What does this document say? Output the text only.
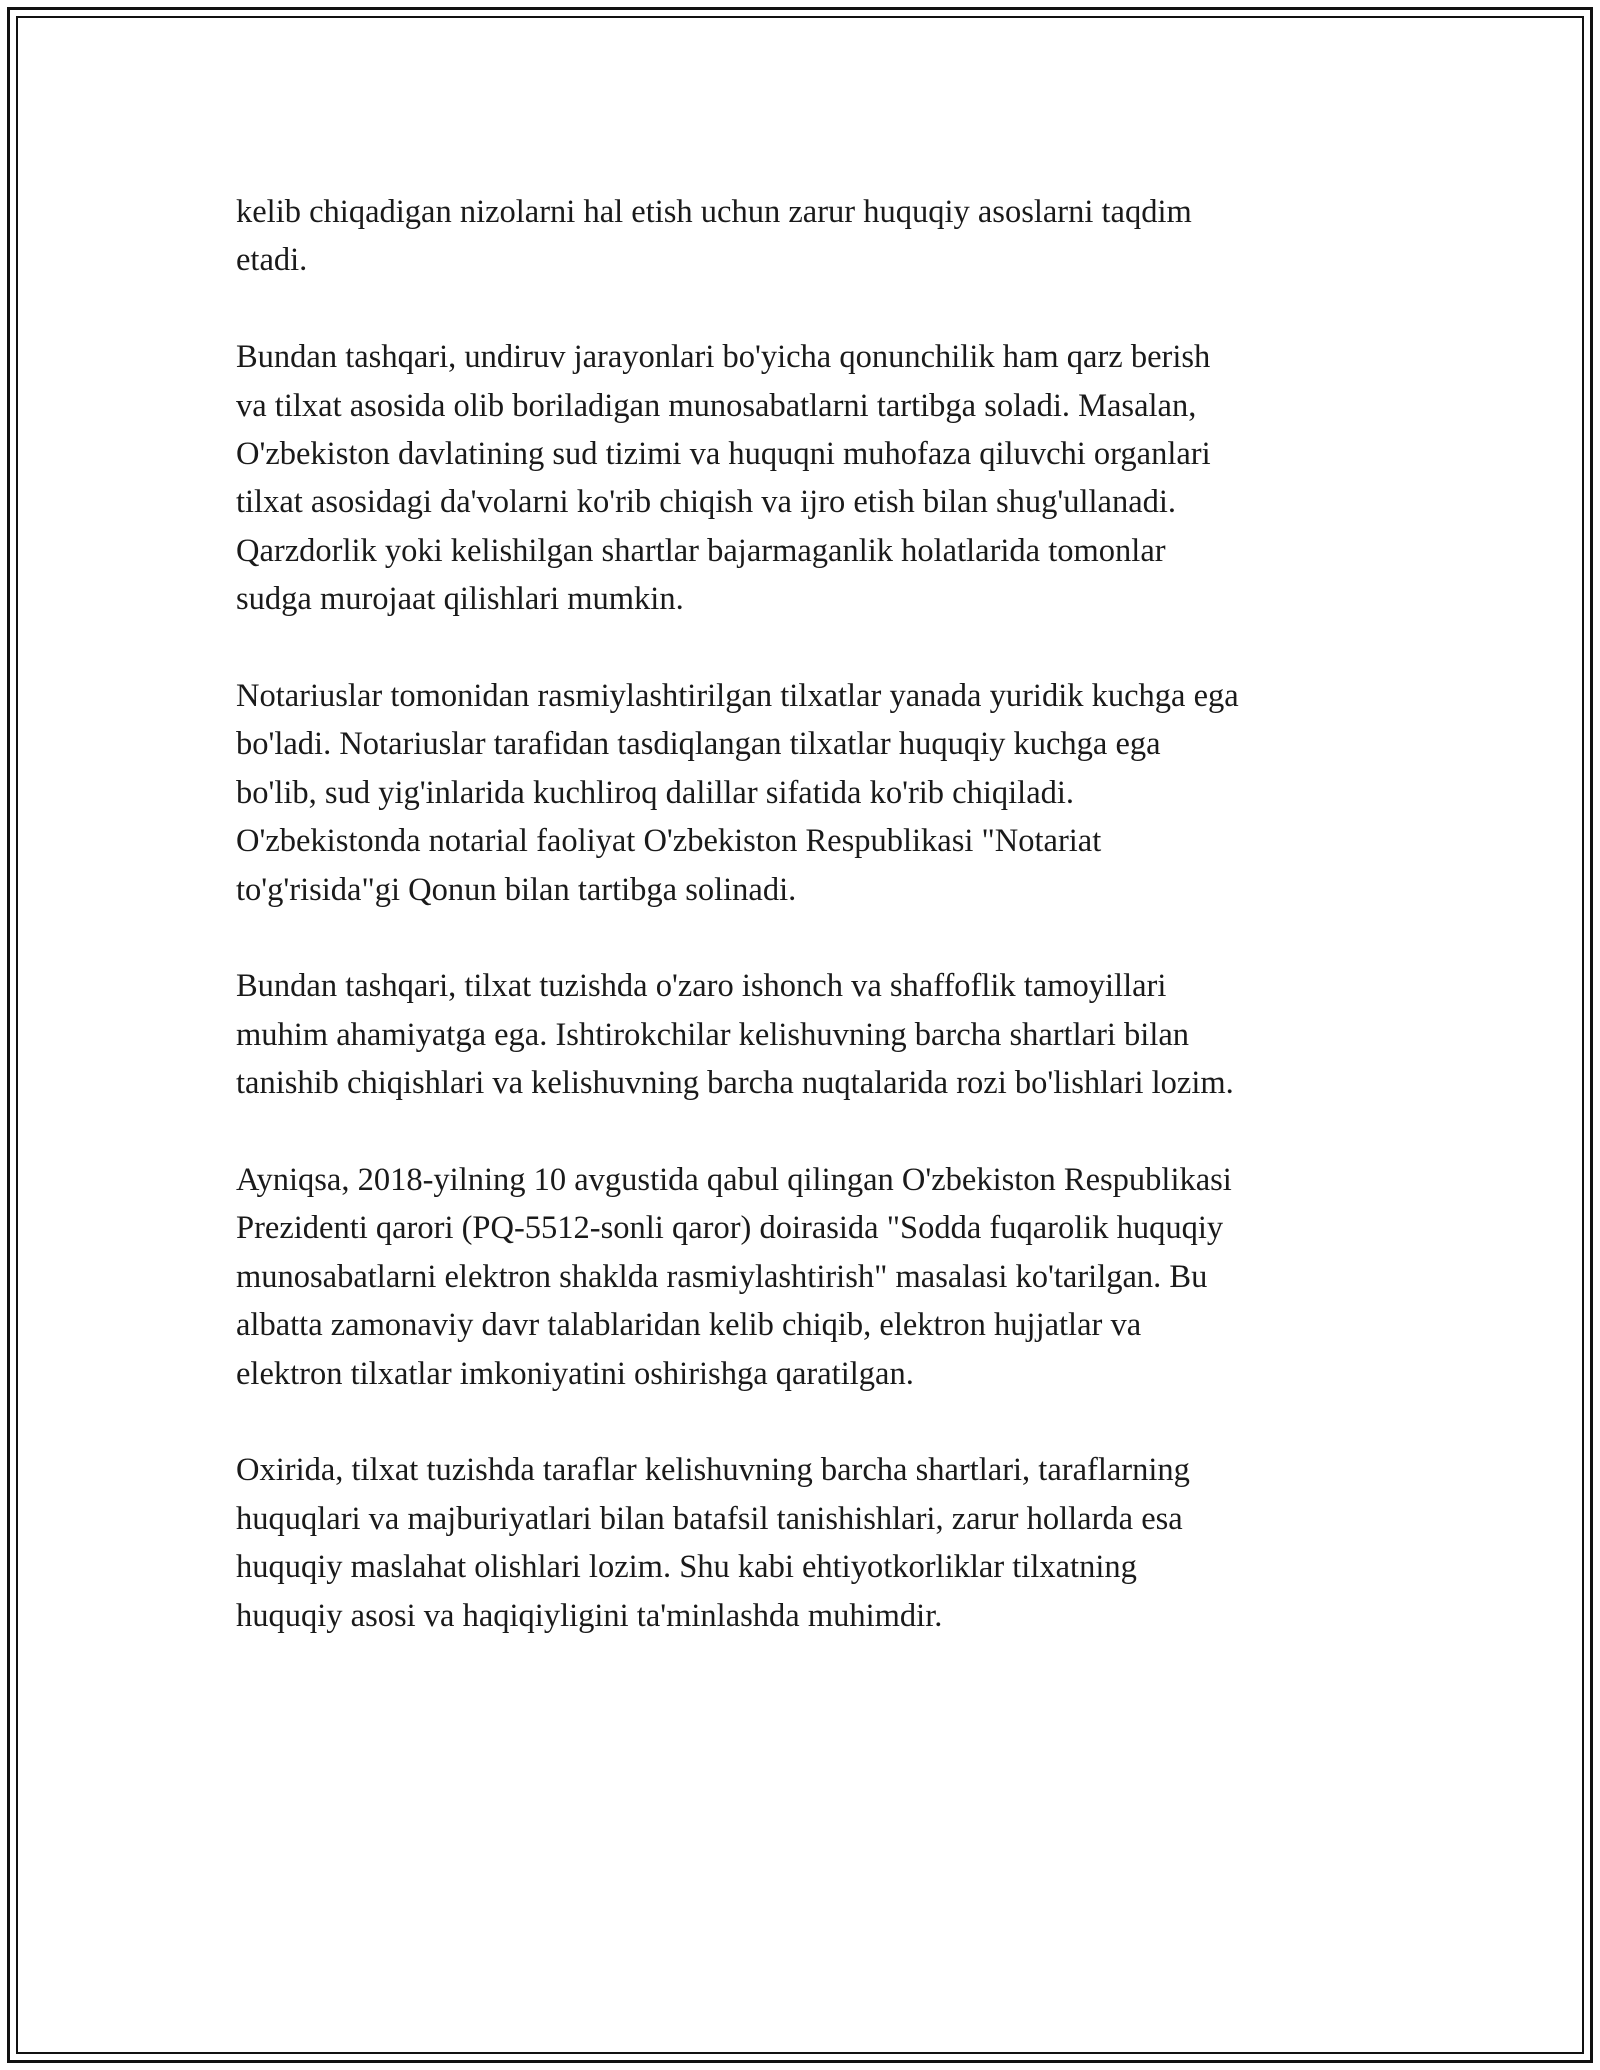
kelib chiqadigan nizolarni hal etish uchun zarur huquqiy asoslarni taqdim
etadi.

Bundan tashqari, undiruv jarayonlari bo'yicha qonunchilik ham qarz berish
va tilxat asosida olib boriladigan munosabatlarni tartibga soladi. Masalan,
O'zbekiston davlatining sud tizimi va huquqni muhofaza qiluvchi organlari
tilxat asosidagi da'volarni ko'rib chiqish va ijro etish bilan shug'ullanadi.
Qarzdorlik yoki kelishilgan shartlar bajarmaganlik holatlarida tomonlar
sudga murojaat qilishlari mumkin.

Notariuslar tomonidan rasmiylashtirilgan tilxatlar yanada yuridik kuchga ega
bo'ladi. Notariuslar tarafidan tasdiqlangan tilxatlar huquqiy kuchga ega
bo'lib, sud yig'inlarida kuchliroq dalillar sifatida ko'rib chiqiladi.
O'zbekistonda notarial faoliyat O'zbekiston Respublikasi "Notariat
to'g'risida"gi Qonun bilan tartibga solinadi.

Bundan tashqari, tilxat tuzishda o'zaro ishonch va shaffoflik tamoyillari
muhim ahamiyatga ega. Ishtirokchilar kelishuvning barcha shartlari bilan
tanishib chiqishlari va kelishuvning barcha nuqtalarida rozi bo'lishlari lozim.

Ayniqsa, 2018-yilning 10 avgustida qabul qilingan O'zbekiston Respublikasi
Prezidenti qarori (PQ-5512-sonli qaror) doirasida "Sodda fuqarolik huquqiy
munosabatlarni elektron shaklda rasmiylashtirish" masalasi ko'tarilgan. Bu
albatta zamonaviy davr talablaridan kelib chiqib, elektron hujjatlar va
elektron tilxatlar imkoniyatini oshirishga qaratilgan.

Oxirida, tilxat tuzishda taraflar kelishuvning barcha shartlari, taraflarning
huquqlari va majburiyatlari bilan batafsil tanishishlari, zarur hollarda esa
huquqiy maslahat olishlari lozim. Shu kabi ehtiyotkorliklar tilxatning
huquqiy asosi va haqiqiyligini ta'minlashda muhimdir.
